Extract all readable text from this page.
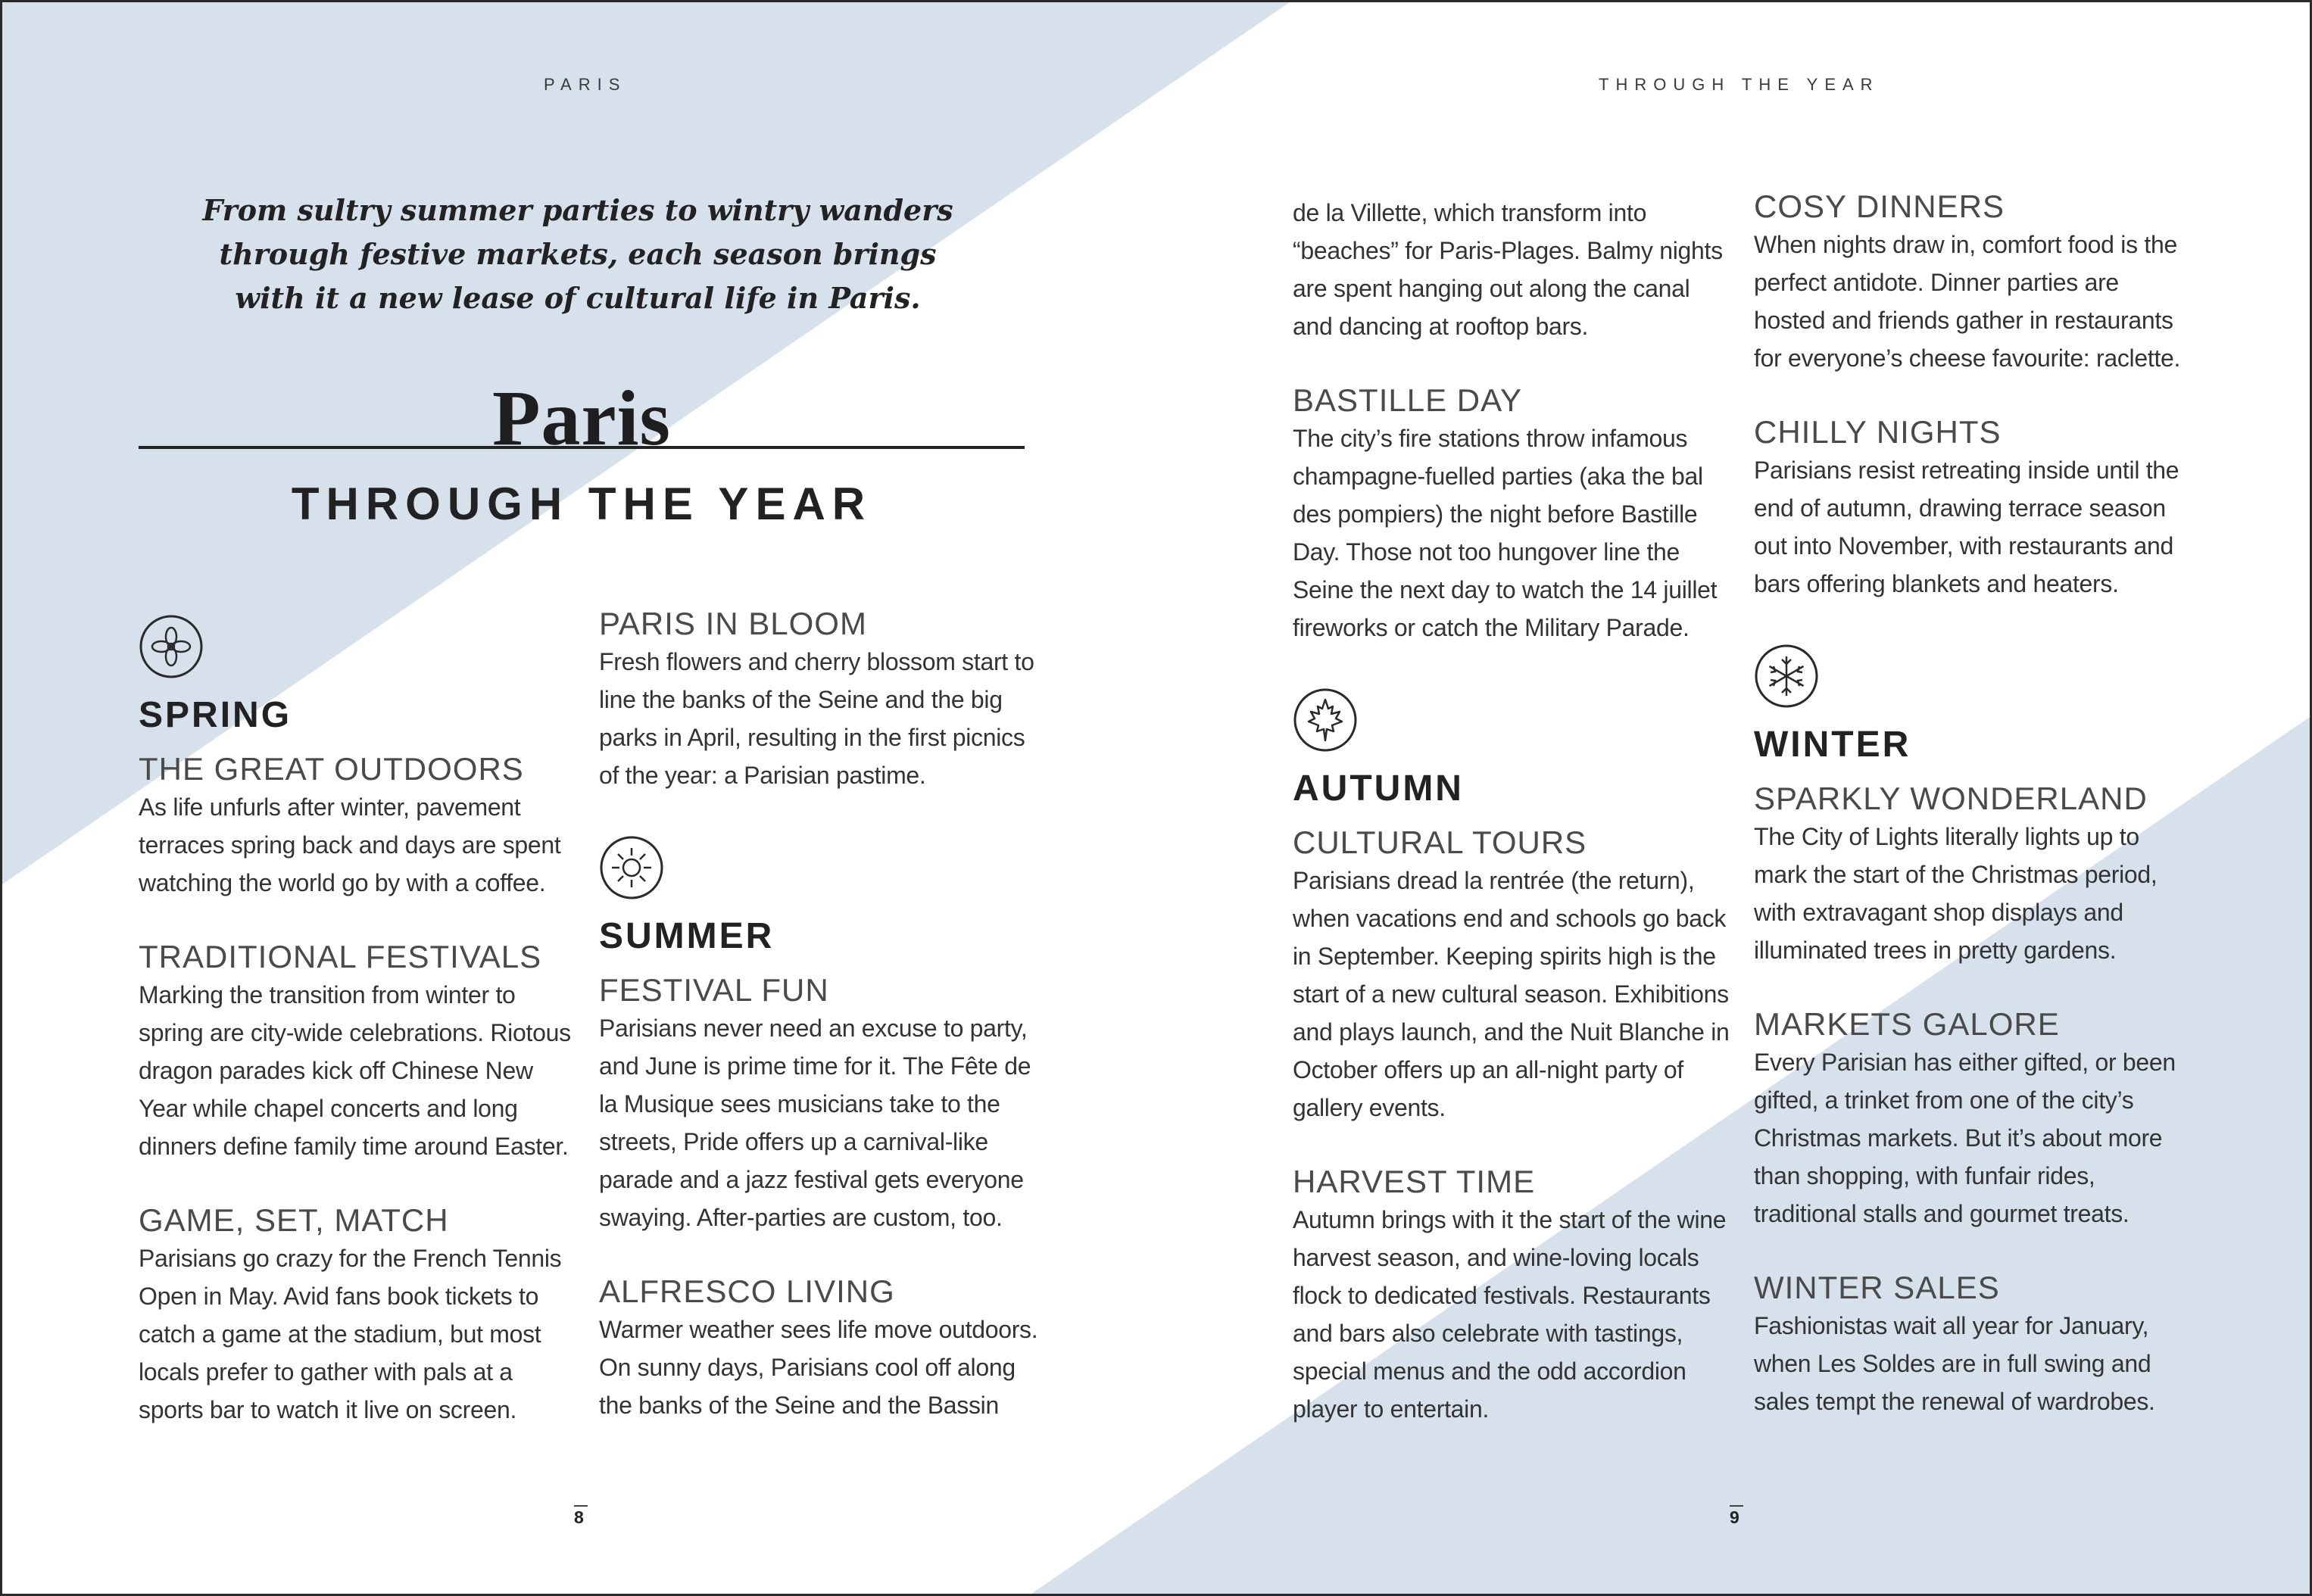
PARIS
From sultry summer parties to wintry wanders through festive markets, each season brings with it a new lease of cultural life in Paris.
Paris
THROUGH THE YEAR
SPRING
THE GREAT OUTDOORS
As life unfurls after winter, pavement terraces spring back and days are spent watching the world go by with a coffee.
TRADITIONAL FESTIVALS
Marking the transition from winter to spring are city-wide celebrations. Riotous dragon parades kick off Chinese New Year while chapel concerts and long dinners define family time around Easter.
GAME, SET, MATCH
Parisians go crazy for the French Tennis Open in May. Avid fans book tickets to catch a game at the stadium, but most locals prefer to gather with pals at a sports bar to watch it live on screen.
PARIS IN BLOOM
Fresh flowers and cherry blossom start to line the banks of the Seine and the big parks in April, resulting in the first picnics of the year: a Parisian pastime.
SUMMER
FESTIVAL FUN
Parisians never need an excuse to party, and June is prime time for it. The Fête de la Musique sees musicians take to the streets, Pride offers up a carnival-like parade and a jazz festival gets everyone swaying. After-parties are custom, too.
ALFRESCO LIVING
Warmer weather sees life move outdoors. On sunny days, Parisians cool off along the banks of the Seine and the Bassin
8
THROUGH THE YEAR
de la Villette, which transform into “beaches” for Paris-Plages. Balmy nights are spent hanging out along the canal and dancing at rooftop bars.
BASTILLE DAY
The city’s fire stations throw infamous champagne-fuelled parties (aka the bal des pompiers) the night before Bastille Day. Those not too hungover line the Seine the next day to watch the 14 juillet fireworks or catch the Military Parade.
AUTUMN
CULTURAL TOURS
Parisians dread la rentrée (the return), when vacations end and schools go back in September. Keeping spirits high is the start of a new cultural season. Exhibitions and plays launch, and the Nuit Blanche in October offers up an all-night party of gallery events.
HARVEST TIME
Autumn brings with it the start of the wine harvest season, and wine-loving locals flock to dedicated festivals. Restaurants and bars also celebrate with tastings, special menus and the odd accordion player to entertain.
COSY DINNERS
When nights draw in, comfort food is the perfect antidote. Dinner parties are hosted and friends gather in restaurants for everyone’s cheese favourite: raclette.
CHILLY NIGHTS
Parisians resist retreating inside until the end of autumn, drawing terrace season out into November, with restaurants and bars offering blankets and heaters.
WINTER
SPARKLY WONDERLAND
The City of Lights literally lights up to mark the start of the Christmas period, with extravagant shop displays and illuminated trees in pretty gardens.
MARKETS GALORE
Every Parisian has either gifted, or been gifted, a trinket from one of the city’s Christmas markets. But it’s about more than shopping, with funfair rides, traditional stalls and gourmet treats.
WINTER SALES
Fashionistas wait all year for January, when Les Soldes are in full swing and sales tempt the renewal of wardrobes.
